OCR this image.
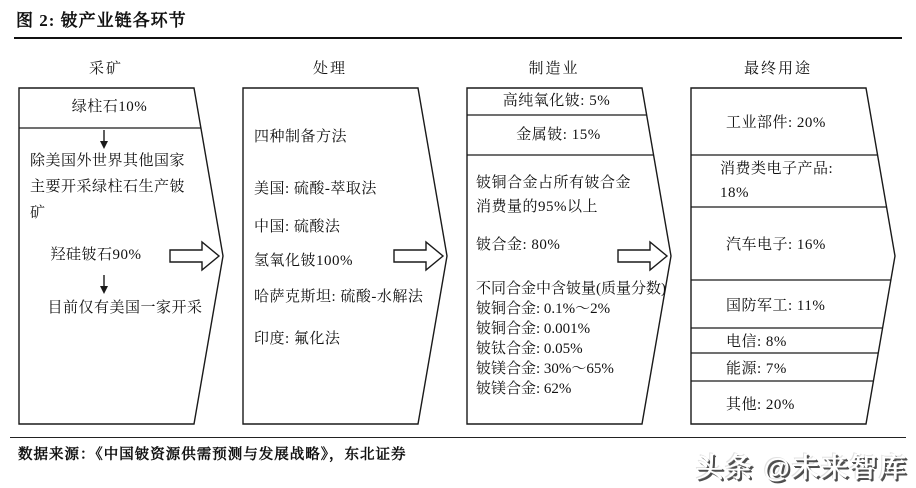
图 2: 铍产业链各环节
采矿
绿柱石10%
除美国外世界其他国家主要开采绿柱石生产铍矿
羟硅铍石90%
目前仅有美国一家开采
处理
四种制备方法
美国: 硫酸-萃取法
中国: 硫酸法
氢氧化铍100%
哈萨克斯坦: 硫酸-水解法
印度: 氟化法
制造业
高纯氧化铍: 5%
金属铍: 15%
铍铜合金占所有铍合金消费量的95%以上
铍合金: 80%
不同合金中含铍量(质量分数)
铍铜合金: 0.1%～2%
铍铜合金: 0.001%
铍钛合金: 0.05%
铍镁合金: 30%～65%
铍镁合金: 62%
最终用途
工业部件: 20%
消费类电子产品: 18%
汽车电子: 16%
国防军工: 11%
电信: 8%
能源: 7%
其他: 20%
数据来源：《中国铍资源供需预测与发展战略》，东北证券	头条 @未来智库
